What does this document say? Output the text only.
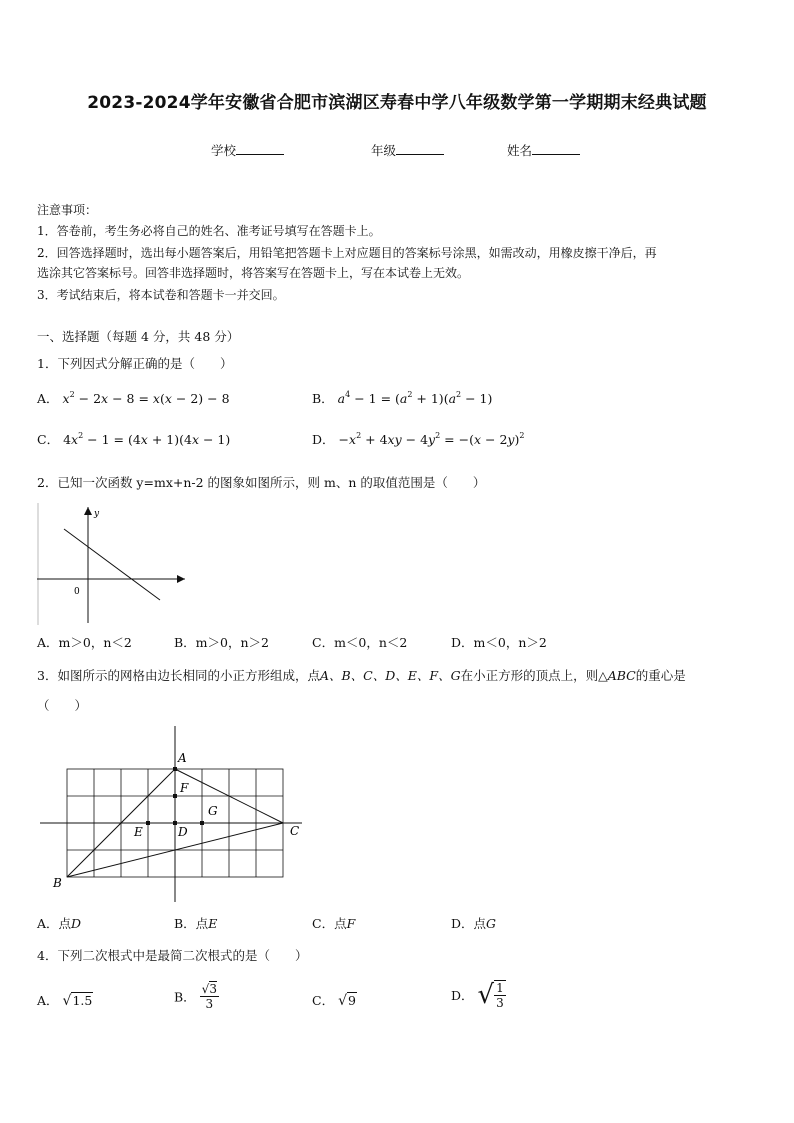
2023-2024学年安徽省合肥市滨湖区寿春中学八年级数学第一学期期末经典试题
学校	年级	姓名
注意事项：
1．答卷前，考生务必将自己的姓名、准考证号填写在答题卡上。
2．回答选择题时，选出每小题答案后，用铅笔把答题卡上对应题目的答案标号涂黑，如需改动，用橡皮擦干净后，再
选涂其它答案标号。回答非选择题时，将答案写在答题卡上，写在本试卷上无效。
3．考试结束后，将本试卷和答题卡一并交回。
一、选择题（每题 4 分，共 48 分）
1．下列因式分解正确的是（　　）
A． $x^2 - 2x - 8 = x(x - 2) - 8$	B． $a^4 - 1 = (a^2 + 1)(a^2 - 1)$
C． $4x^2 - 1 = (4x + 1)(4x - 1)$	D． $-x^2 + 4xy - 4y^2 = -(x - 2y)^2$
2．已知一次函数 y=mx+n-2 的图象如图所示，则 m、n 的取值范围是（　　）
y
0
A．m＞0，n＜2	B．m＞0，n＞2	C．m＜0，n＜2	D．m＜0，n＞2
3．如图所示的网格由边长相同的小正方形组成，点A、B、C、D、E、F、G在小正方形的顶点上，则△ABC的重心是
（　　）
A
F
G
E	D	C
B
A．点D	B．点E	C．点F	D．点G
4．下列二次根式中是最简二次根式的是（　　）
A． √1.5	B． $\frac{√3}{3}$	C． √9	D． √ $\frac{1}{3}$
